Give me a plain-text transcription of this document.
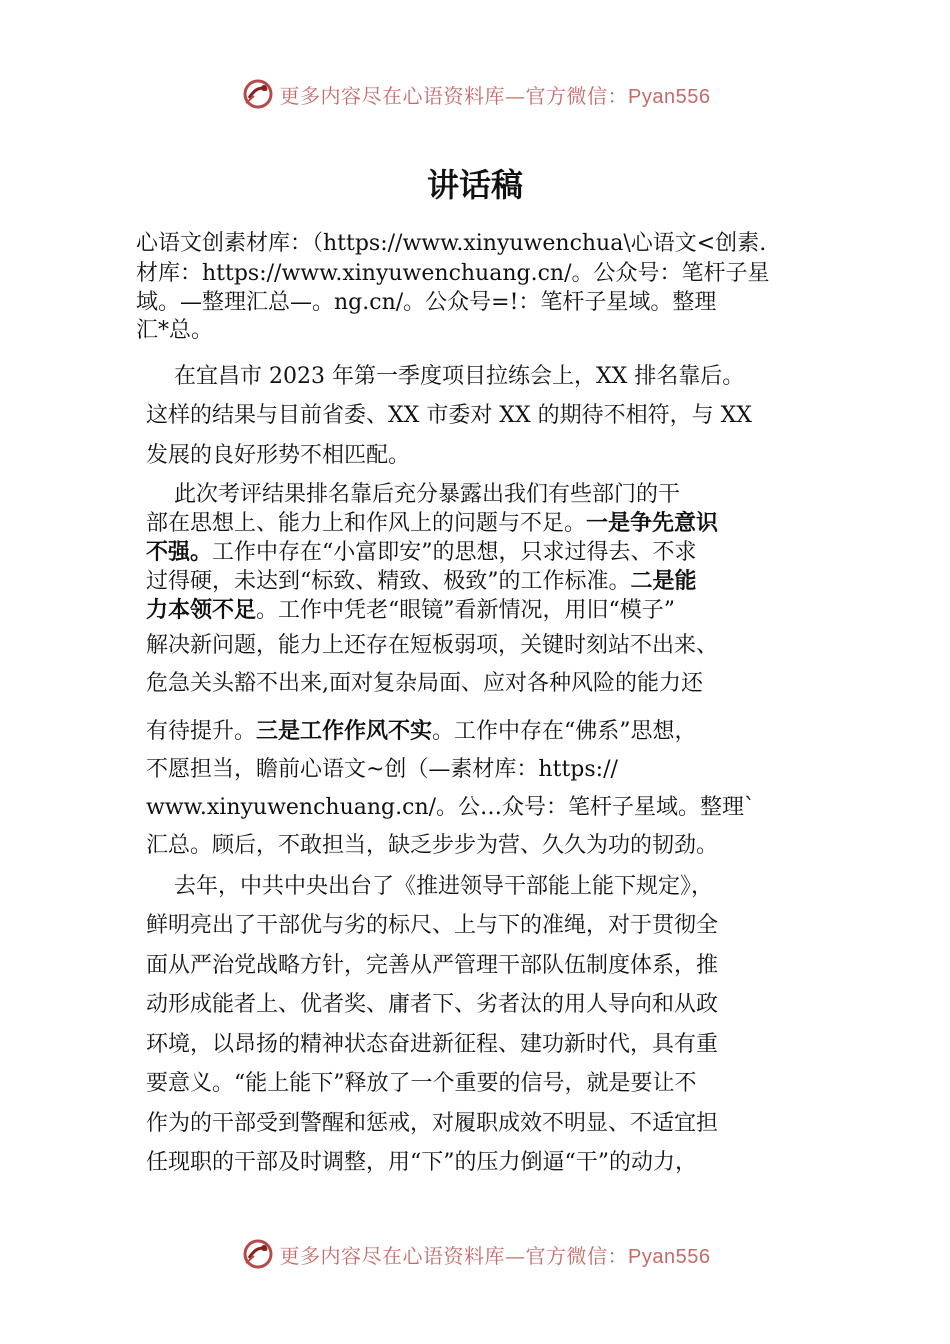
更多内容尽在心语资料库—官方微信：Pyan556
讲话稿

心语文创素材库：（https://www.xinyuwenchua\心语文<创素.

材库：https://www.xinyuwenchuang.cn/。公众号：笔杆子星

域。—整理汇总—。ng.cn/。公众号=!：笔杆子星域。整理

汇*总。

在宜昌市 2023 年第一季度项目拉练会上，XX 排名靠后。

这样的结果与目前省委、XX 市委对 XX 的期待不相符，与 XX

发展的良好形势不相匹配。

此次考评结果排名靠后充分暴露出我们有些部门的干

部在思想上、能力上和作风上的问题与不足。一是争先意识

不强。工作中存在“小富即安”的思想，只求过得去、不求

过得硬，未达到“标致、精致、极致”的工作标准。二是能

力本领不足。工作中凭老“眼镜”看新情况，用旧“模子”

解决新问题，能力上还存在短板弱项，关键时刻站不出来、

危急关头豁不出来,面对复杂局面、应对各种风险的能力还

有待提升。三是工作作风不实。工作中存在“佛系”思想，

不愿担当，瞻前心语文~创（—素材库：https://

www.xinyuwenchuang.cn/。公…众号：笔杆子星域。整理`

汇总。顾后，不敢担当，缺乏步步为营、久久为功的韧劲。

去年，中共中央出台了《推进领导干部能上能下规定》，

鲜明亮出了干部优与劣的标尺、上与下的准绳，对于贯彻全

面从严治党战略方针，完善从严管理干部队伍制度体系，推

动形成能者上、优者奖、庸者下、劣者汰的用人导向和从政

环境，以昂扬的精神状态奋进新征程、建功新时代，具有重

要意义。“能上能下”释放了一个重要的信号，就是要让不

作为的干部受到警醒和惩戒，对履职成效不明显、不适宜担

任现职的干部及时调整，用“下”的压力倒逼“干”的动力，

更多内容尽在心语资料库—官方微信：Pyan556
